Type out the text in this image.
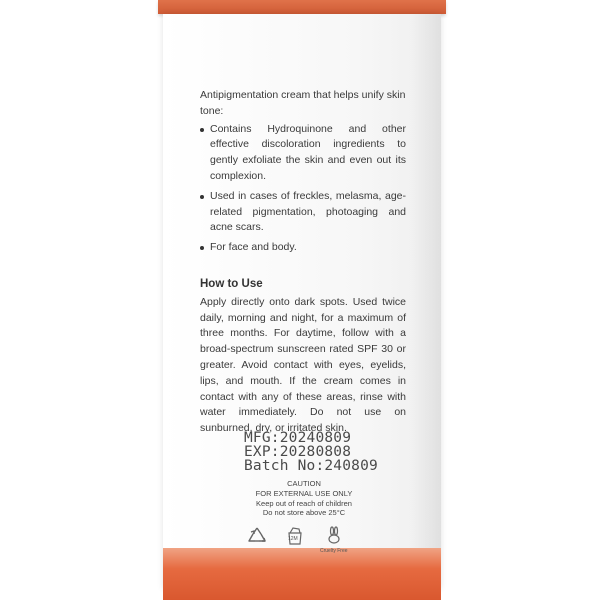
Antipigmentation cream that helps unify skin tone:

Contains Hydroquinone and other effective discoloration ingredients to gently exfoliate the skin and even out its complexion.
Used in cases of freckles, melasma, age-related pigmentation, photoaging and acne scars.
For face and body.
How to Use

Apply directly onto dark spots. Used twice daily, morning and night, for a maximum of three months. For daytime, follow with a broad-spectrum sunscreen rated SPF 30 or greater. Avoid contact with eyes, eyelids, lips, and mouth. If the cream comes in contact with any of these areas, rinse with water immediately. Do not use on sunburned, dry, or irritated skin.

MFG:20240809
EXP:20280808
Batch No:240809
CAUTION
FOR EXTERNAL USE ONLY
Keep out of reach of children
Do not store above 25°C
12M
Cruelty Free
